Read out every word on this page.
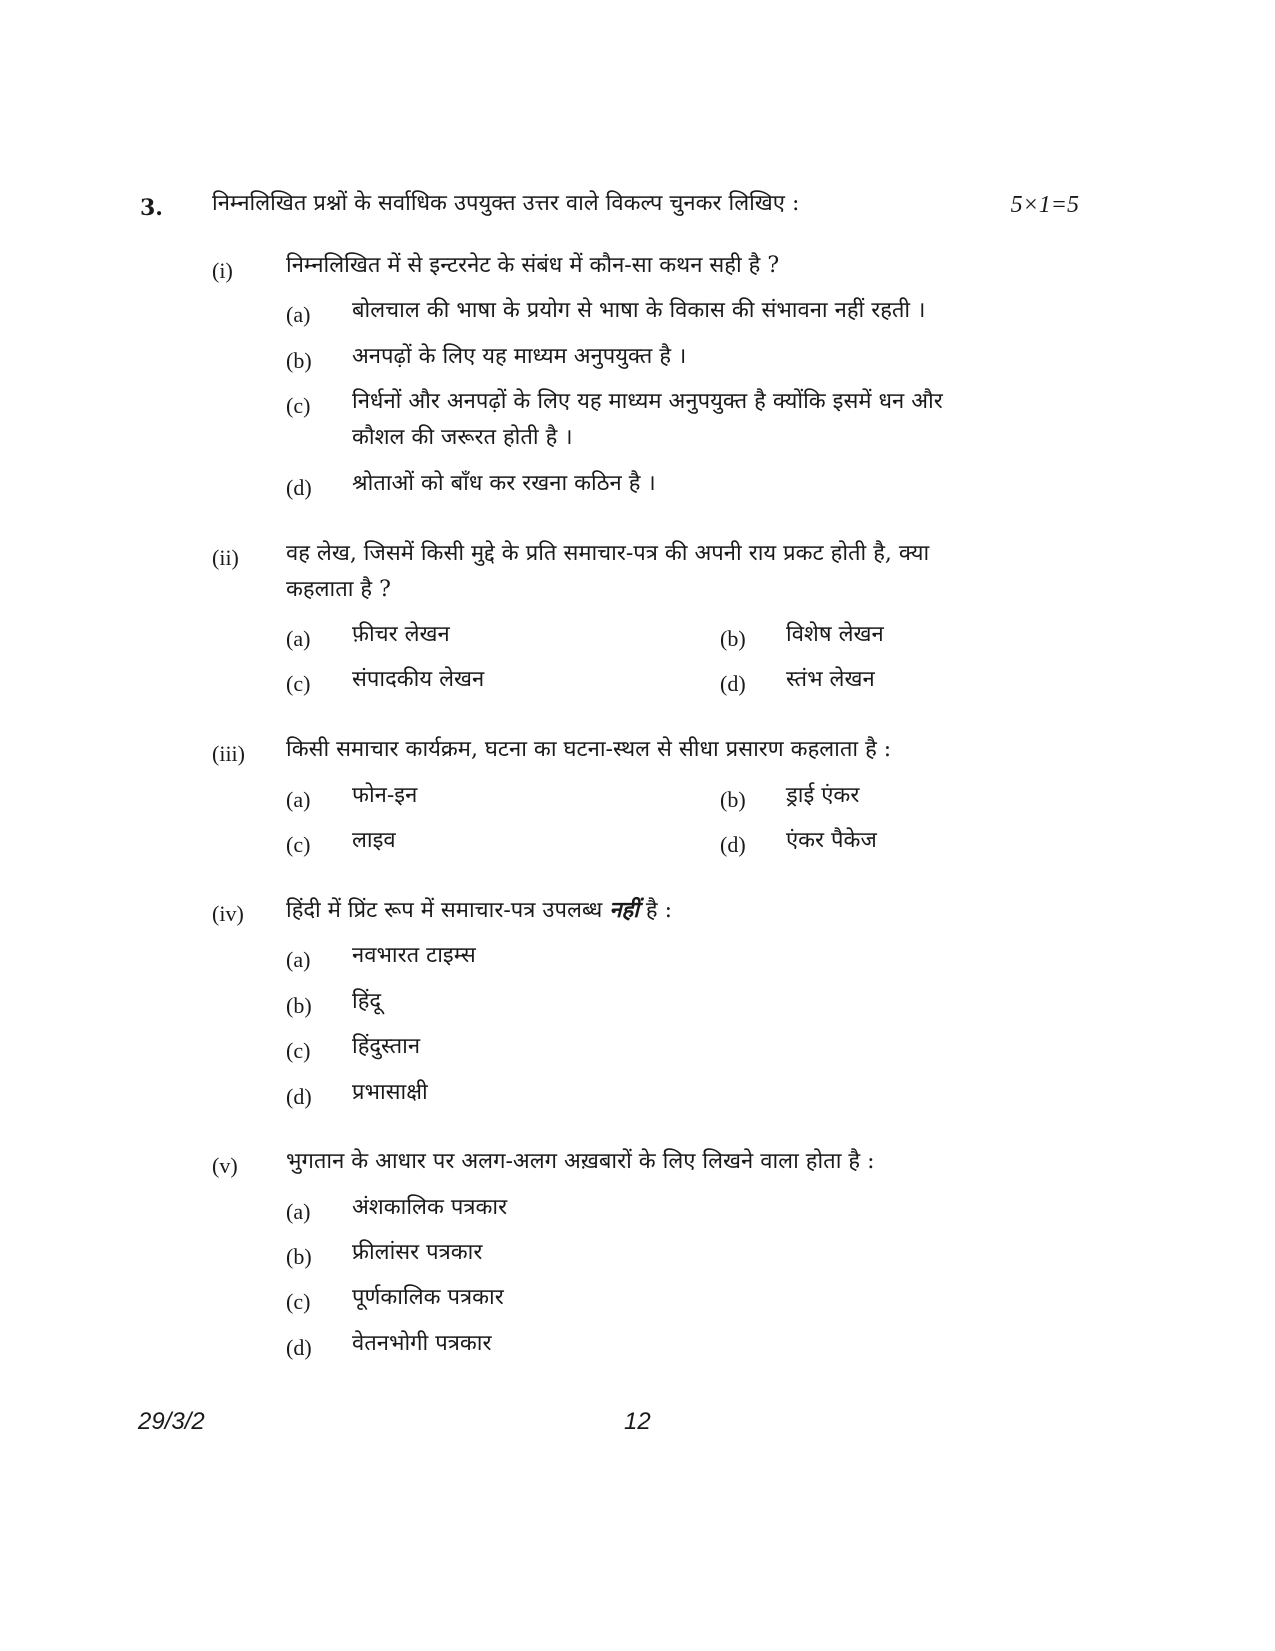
3. निम्नलिखित प्रश्नों के सर्वाधिक उपयुक्त उत्तर वाले विकल्प चुनकर लिखिए :	5×1=5
(i) निम्नलिखित में से इन्टरनेट के संबंध में कौन-सा कथन सही है ?
(a) बोलचाल की भाषा के प्रयोग से भाषा के विकास की संभावना नहीं रहती ।
(b) अनपढ़ों के लिए यह माध्यम अनुपयुक्त है ।
(c) निर्धनों और अनपढ़ों के लिए यह माध्यम अनुपयुक्त है क्योंकि इसमें धन और
कौशल की जरूरत होती है ।
(d) श्रोताओं को बाँध कर रखना कठिन है ।
(ii) वह लेख, जिसमें किसी मुद्दे के प्रति समाचार-पत्र की अपनी राय प्रकट होती है, क्या
कहलाता है ?
(a) फ़ीचर लेखन	(b) विशेष लेखन
(c) संपादकीय लेखन	(d) स्तंभ लेखन
(iii) किसी समाचार कार्यक्रम, घटना का घटना-स्थल से सीधा प्रसारण कहलाता है :
(a) फोन-इन	(b) ड्राई एंकर
(c) लाइव	(d) एंकर पैकेज
(iv) हिंदी में प्रिंट रूप में समाचार-पत्र उपलब्ध नहीं है :
(a) नवभारत टाइम्स
(b) हिंदू
(c) हिंदुस्तान
(d) प्रभासाक्षी
(v) भुगतान के आधार पर अलग-अलग अख़बारों के लिए लिखने वाला होता है :
(a) अंशकालिक पत्रकार
(b) फ्रीलांसर पत्रकार
(c) पूर्णकालिक पत्रकार
(d) वेतनभोगी पत्रकार
29/3/2	12
